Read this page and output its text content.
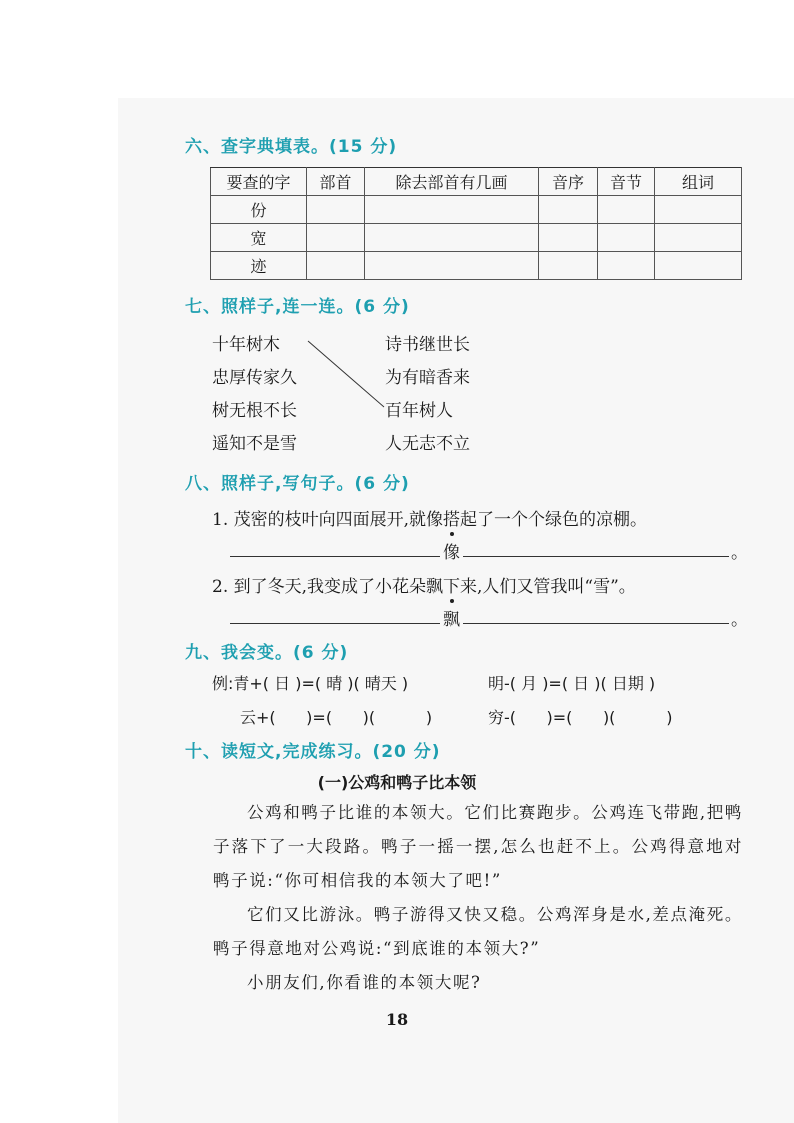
六、查字典填表。(15 分)
要查的字	部首	除去部首有几画	音序	音节	组词
份					
宽					
迹					
七、照样子,连一连。(6 分)
十年树木
忠厚传家久
树无根不长
遥知不是雪
诗书继世长
为有暗香来
百年树人
人无志不立
八、照样子,写句子。(6 分)
1. 茂密的枝叶向四面展开,就像搭起了一个个绿色的凉棚。
像	。
2. 到了冬天,我变成了小花朵飘下来,人们又管我叫“雪”。
飘	。
九、我会变。(6 分)
例:青+( 日 )=( 晴 )( 晴天 )	明-( 月 )=( 日 )( 日期 )
云+(      )=(      )(          )	穷-(      )=(      )(          )
十、读短文,完成练习。(20 分)
(一)公鸡和鸭子比本领
公鸡和鸭子比谁的本领大。它们比赛跑步。公鸡连飞带跑,把鸭子落下了一大段路。鸭子一摇一摆,怎么也赶不上。公鸡得意地对鸭子说:“你可相信我的本领大了吧!”
它们又比游泳。鸭子游得又快又稳。公鸡浑身是水,差点淹死。鸭子得意地对公鸡说:“到底谁的本领大?”
小朋友们,你看谁的本领大呢?
18
